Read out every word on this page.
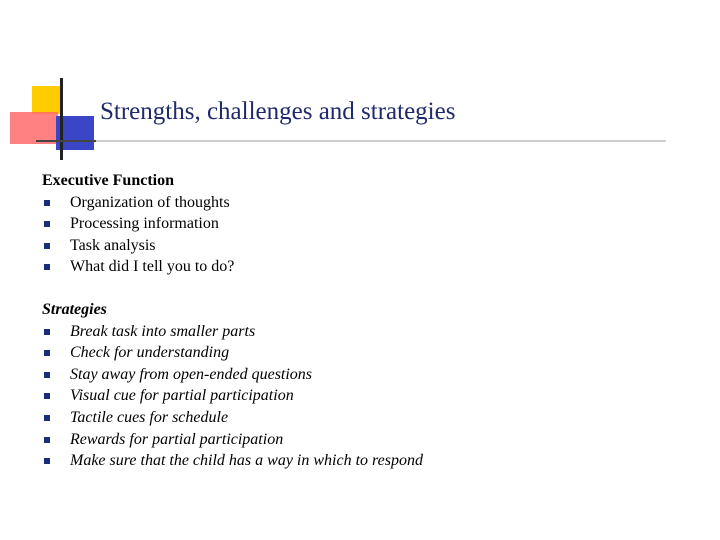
Strengths, challenges and strategies
Executive Function
Organization of thoughts
Processing information
Task analysis
What did I tell you to do?
Strategies
Break task into smaller parts
Check for understanding
Stay away from open-ended questions
Visual cue for partial participation
Tactile cues for schedule
Rewards for partial participation
Make sure that the child has a way in which to respond
